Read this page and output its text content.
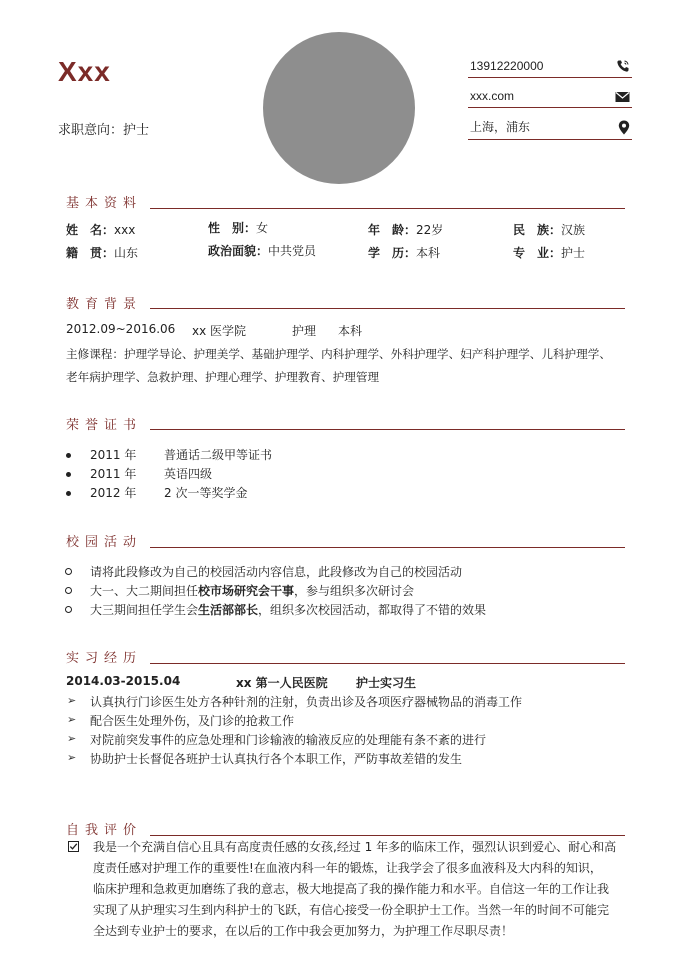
Xxx
求职意向：护士
13912220000
xxx.com
上海，浦东
基本资料
姓　名：xxx	性　别：女	年　龄：22岁	民　族：汉族
籍　贯：山东	政治面貌：中共党员	学　历：本科	专　业：护士
教育背景
2012.09~2016.06 xx 医学院	护理 本科
主修课程：护理学导论、护理美学、基础护理学、内科护理学、外科护理学、妇产科护理学、儿科护理学、
老年病护理学、急救护理、护理心理学、护理教育、护理管理
荣誉证书
2011 年 普通话二级甲等证书
2011 年 英语四级
2012 年 2 次一等奖学金
校园活动
请将此段修改为自己的校园活动内容信息，此段修改为自己的校园活动
大一、大二期间担任校市场研究会干事，参与组织多次研讨会
大三期间担任学生会生活部部长，组织多次校园活动，都取得了不错的效果
实习经历
2014.03-2015.04	xx 第一人民医院 护士实习生
➢ 认真执行门诊医生处方各种针剂的注射，负责出诊及各项医疗器械物品的消毒工作
➢ 配合医生处理外伤，及门诊的抢救工作
➢ 对院前突发事件的应急处理和门诊输液的输液反应的处理能有条不紊的进行
➢ 协助护士长督促各班护士认真执行各个本职工作，严防事故差错的发生
自我评价
我是一个充满自信心且具有高度责任感的女孩,经过 1 年多的临床工作，强烈认识到爱心、耐心和高
度责任感对护理工作的重要性!在血液内科一年的锻炼，让我学会了很多血液科及大内科的知识，
临床护理和急救更加磨练了我的意志，极大地提高了我的操作能力和水平。自信这一年的工作让我
实现了从护理实习生到内科护士的飞跃，有信心接受一份全职护士工作。当然一年的时间不可能完
全达到专业护士的要求，在以后的工作中我会更加努力，为护理工作尽职尽责！
